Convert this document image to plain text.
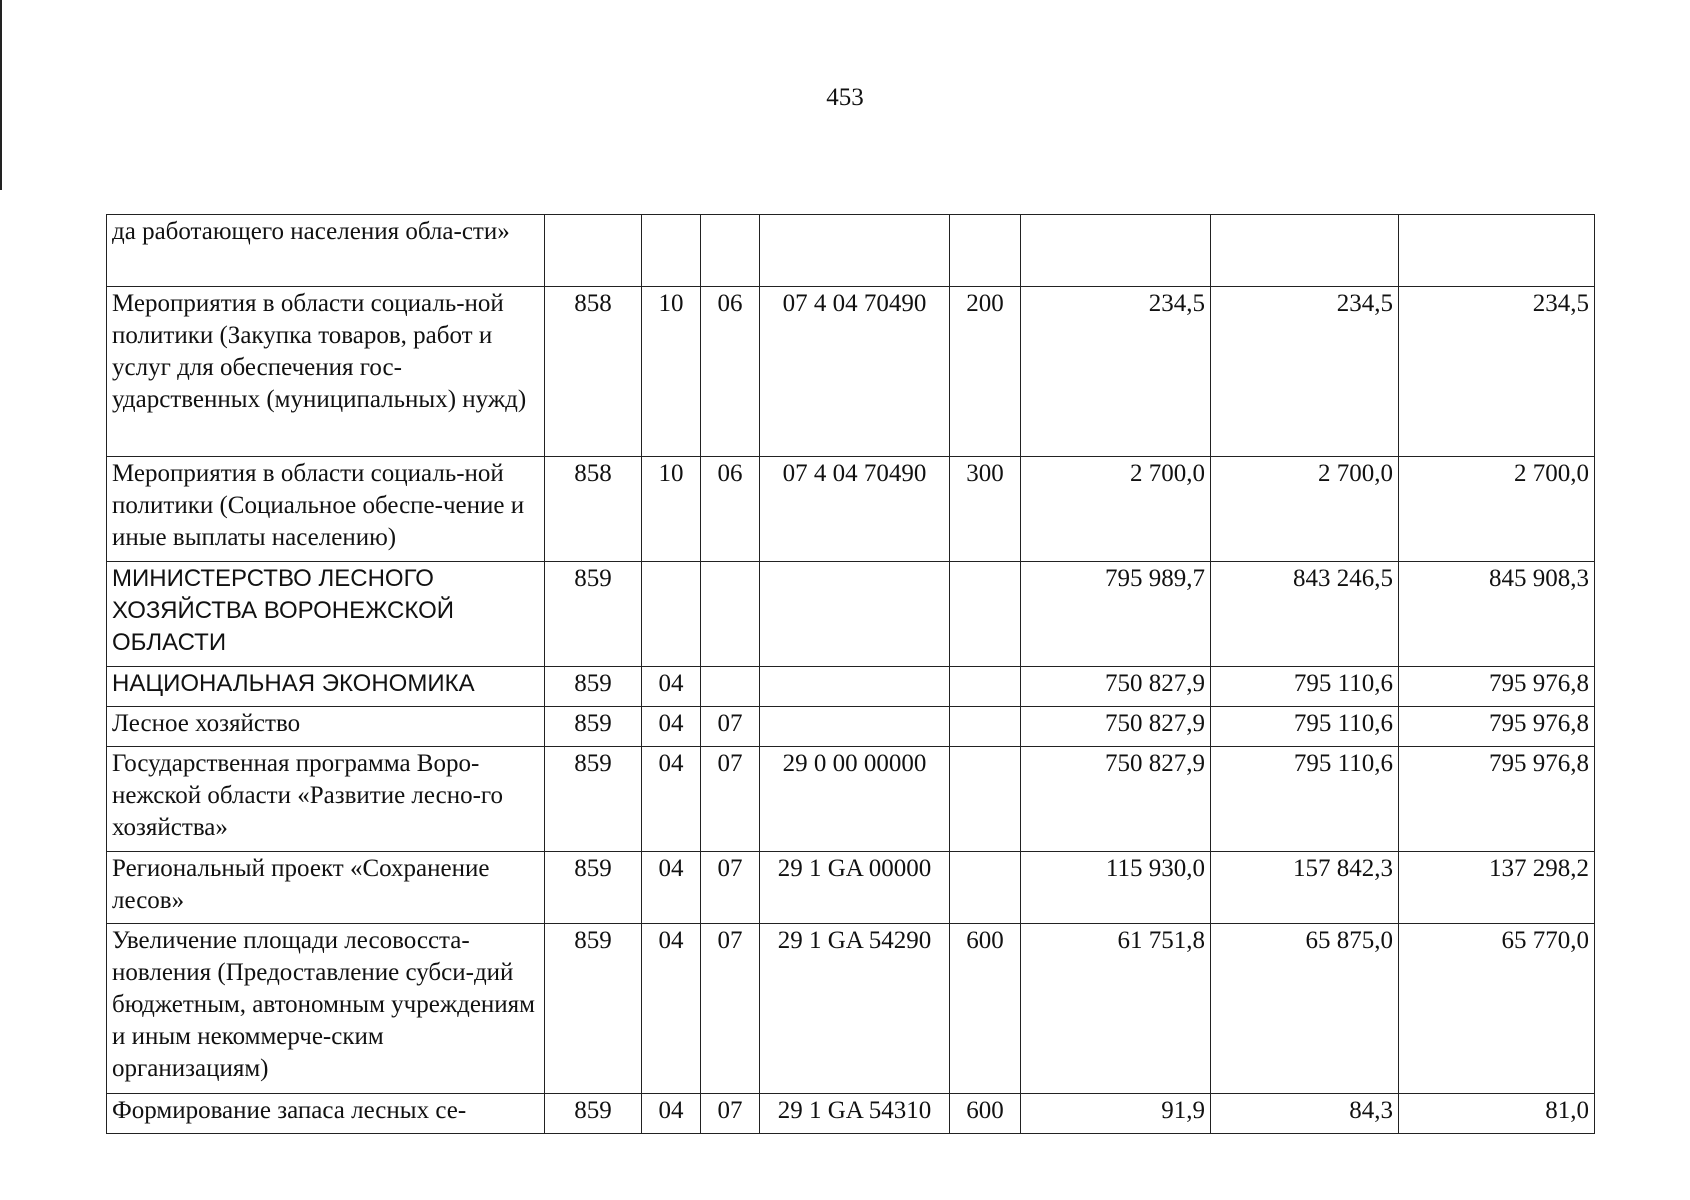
453
да работающего населения обла-сти»								
Мероприятия в области социаль-ной политики (Закупка товаров, работ и услуг для обеспечения гос-ударственных (муниципальных) нужд)	858	10	06	07 4 04 70490	200	234,5	234,5	234,5
Мероприятия в области социаль-ной политики (Социальное обеспе-чение и иные выплаты населению)	858	10	06	07 4 04 70490	300	2 700,0	2 700,0	2 700,0
МИНИСТЕРСТВО ЛЕСНОГО ХОЗЯЙСТВА ВОРОНЕЖСКОЙ ОБЛАСТИ	859					795 989,7	843 246,5	845 908,3
НАЦИОНАЛЬНАЯ ЭКОНОМИКА	859	04				750 827,9	795 110,6	795 976,8
Лесное хозяйство	859	04	07			750 827,9	795 110,6	795 976,8
Государственная программа Воро-нежской области «Развитие лесно-го хозяйства»	859	04	07	29 0 00 00000		750 827,9	795 110,6	795 976,8
Региональный проект «Сохранение лесов»	859	04	07	29 1 GA 00000		115 930,0	157 842,3	137 298,2
Увеличение площади лесовосста-новления (Предоставление субси-дий бюджетным, автономным учреждениям и иным некоммерче-ским организациям)	859	04	07	29 1 GA 54290	600	61 751,8	65 875,0	65 770,0
Формирование запаса лесных се-	859	04	07	29 1 GA 54310	600	91,9	84,3	81,0
